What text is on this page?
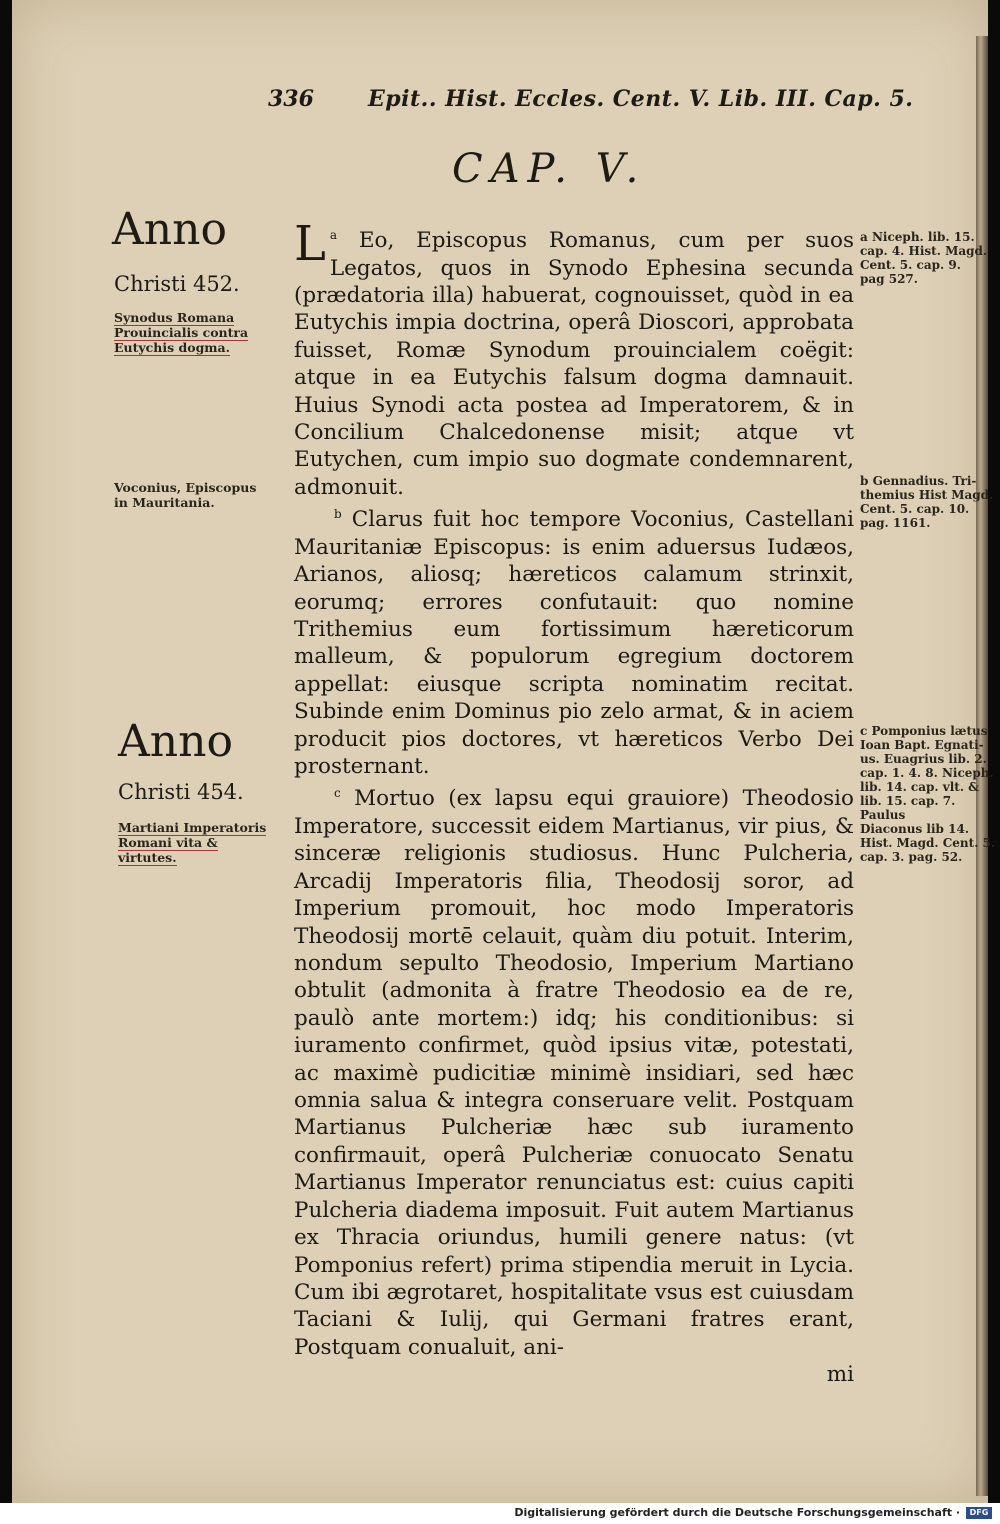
336 Epit.. Hist. Eccles. Cent. V. Lib. III. Cap. 5.
CAP. V.
Anno
Christi 452.
Synodus Romana Prouincialis contra Eutychis dogma.
Voconius, Episcopus in Mauritania.
Anno
Christi 454.
Martiani Imperatoris Romani vita & virtutes.

$^a$
L Eo, Episcopus Romanus, cum per suos Legatos, quos in Synodo Ephesina secunda (prædatoria illa) habuerat, cognouisset, quòd in ea Eutychis impia doctrina, operâ Dioscori, approbata fuisset, Romæ Synodum prouincialem coëgit: atque in ea Eutychis falsum dogma damnauit. Huius Synodi acta postea ad Imperatorem, & in Concilium Chalcedonense misit; atque vt Eutychen, cum impio suo dogmate condemnarent, admonuit.

$^b$ Clarus fuit hoc tempore Voconius, Castellani Mauritaniæ Episcopus: is enim aduersus Iudæos, Arianos, aliosq; hæreticos calamum strinxit, eorumq; errores confutauit: quo nomine Trithemius eum fortissimum hæreticorum malleum, & populorum egregium doctorem appellat: eiusque scripta nominatim recitat. Subinde enim Dominus pio zelo armat, & in aciem producit pios doctores, vt hæreticos Verbo Dei prosternant.

$^c$ Mortuo (ex lapsu equi grauiore) Theodosio Imperatore, successit eidem Martianus, vir pius, & sinceræ religionis studiosus. Hunc Pulcheria, Arcadij Imperatoris filia, Theodosij soror, ad Imperium promouit, hoc modo Imperatoris Theodosij mortē celauit, quàm diu potuit. Interim, nondum sepulto Theodosio, Imperium Martiano obtulit (admonita à fratre Theodosio ea de re, paulò ante mortem:) idq; his conditionibus: si iuramento confirmet, quòd ipsius vitæ, potestati, ac maximè pudicitiæ minimè insidiari, sed hæc omnia salua & integra conseruare velit. Postquam Martianus Pulcheriæ hæc sub iuramento confirmauit, operâ Pulcheriæ conuocato Senatu Martianus Imperator renunciatus est: cuius capiti Pulcheria diadema imposuit. Fuit autem Martianus ex Thracia oriundus, humili genere natus: (vt Pomponius refert) prima stipendia meruit in Lycia. Cum ibi ægrotaret, hospitalitate vsus est cuiusdam Taciani & Iulij, qui Germani fratres erant, Postquam conualuit, ani-

mi

a Niceph. lib. 15.
cap. 4. Hist. Magd.
Cent. 5. cap. 9.
pag 527.
b Gennadius. Tri-
themius Hist Magd.
Cent. 5. cap. 10.
pag. 1161.
c Pomponius lætus
Ioan Bapt. Egnati-
us. Euagrius lib. 2.
cap. 1. 4. 8. Niceph.
lib. 14. cap. vlt. &
lib. 15. cap. 7. Paulus
Diaconus lib 14.
Hist. Magd. Cent. 5.
cap. 3. pag. 52.
Digitalisierung gefördert durch die Deutsche Forschungsgemeinschaft ·	DFG
